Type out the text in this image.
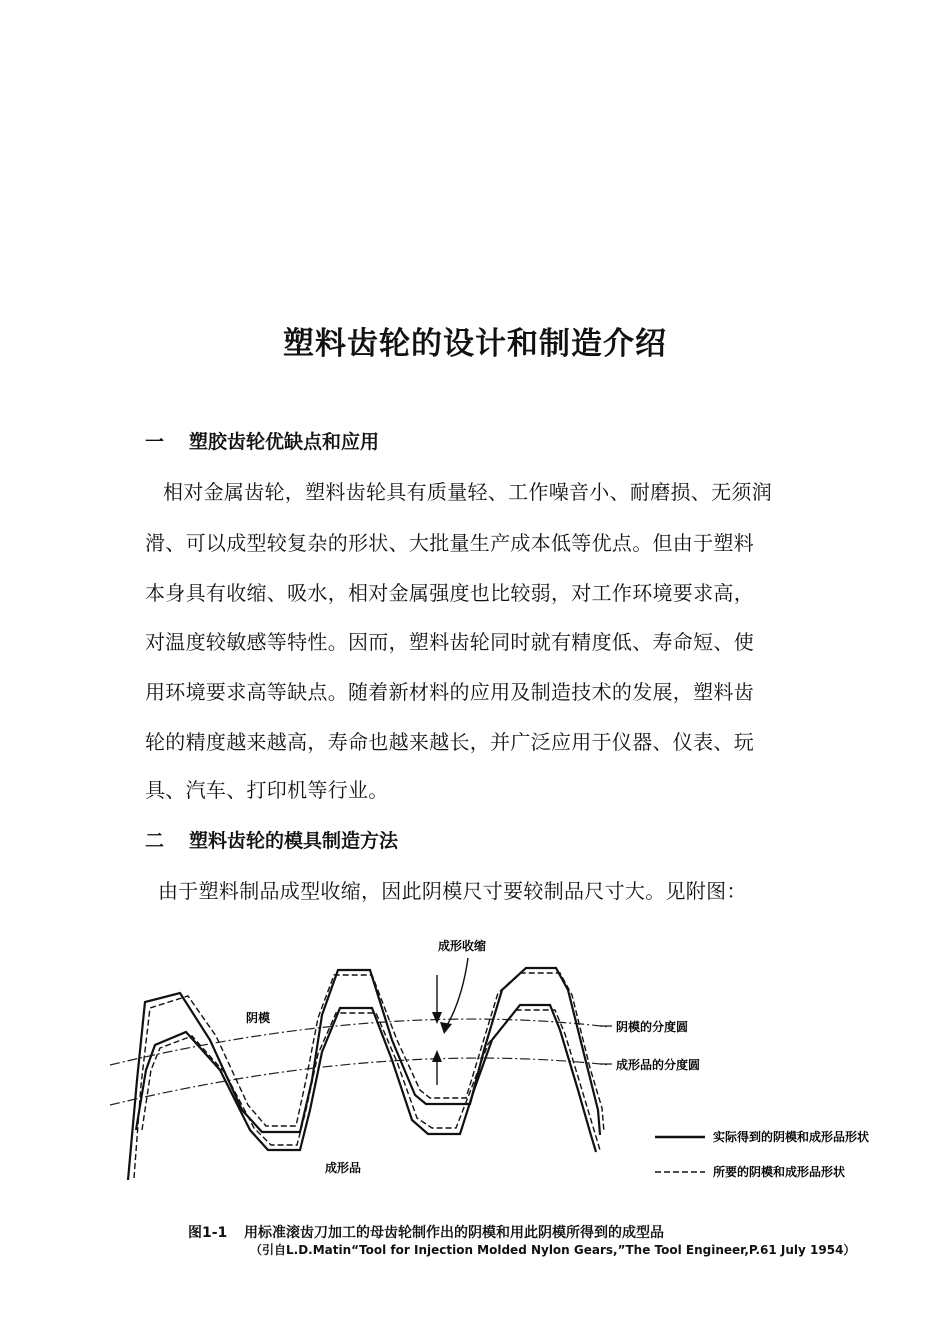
塑料齿轮的设计和制造介绍
一 塑胶齿轮优缺点和应用
相对金属齿轮，塑料齿轮具有质量轻、工作噪音小、耐磨损、无须润
滑、可以成型较复杂的形状、大批量生产成本低等优点。但由于塑料
本身具有收缩、吸水，相对金属强度也比较弱，对工作环境要求高，
对温度较敏感等特性。因而，塑料齿轮同时就有精度低、寿命短、使
用环境要求高等缺点。随着新材料的应用及制造技术的发展，塑料齿
轮的精度越来越高，寿命也越来越长，并广泛应用于仪器、仪表、玩
具、汽车、打印机等行业。
二 塑料齿轮的模具制造方法
由于塑料制品成型收缩，因此阴模尺寸要较制品尺寸大。见附图：
成形收缩
阴模
成形品
阴模的分度圆
成形品的分度圆
实际得到的阴模和成形品形状
所要的阴模和成形品形状
图1-1 用标准滚齿刀加工的母齿轮制作出的阴模和用此阴模所得到的成型品
（引自L.D.Matin“Tool for Injection Molded Nylon Gears,”The Tool Engineer,P.61 July 1954）
